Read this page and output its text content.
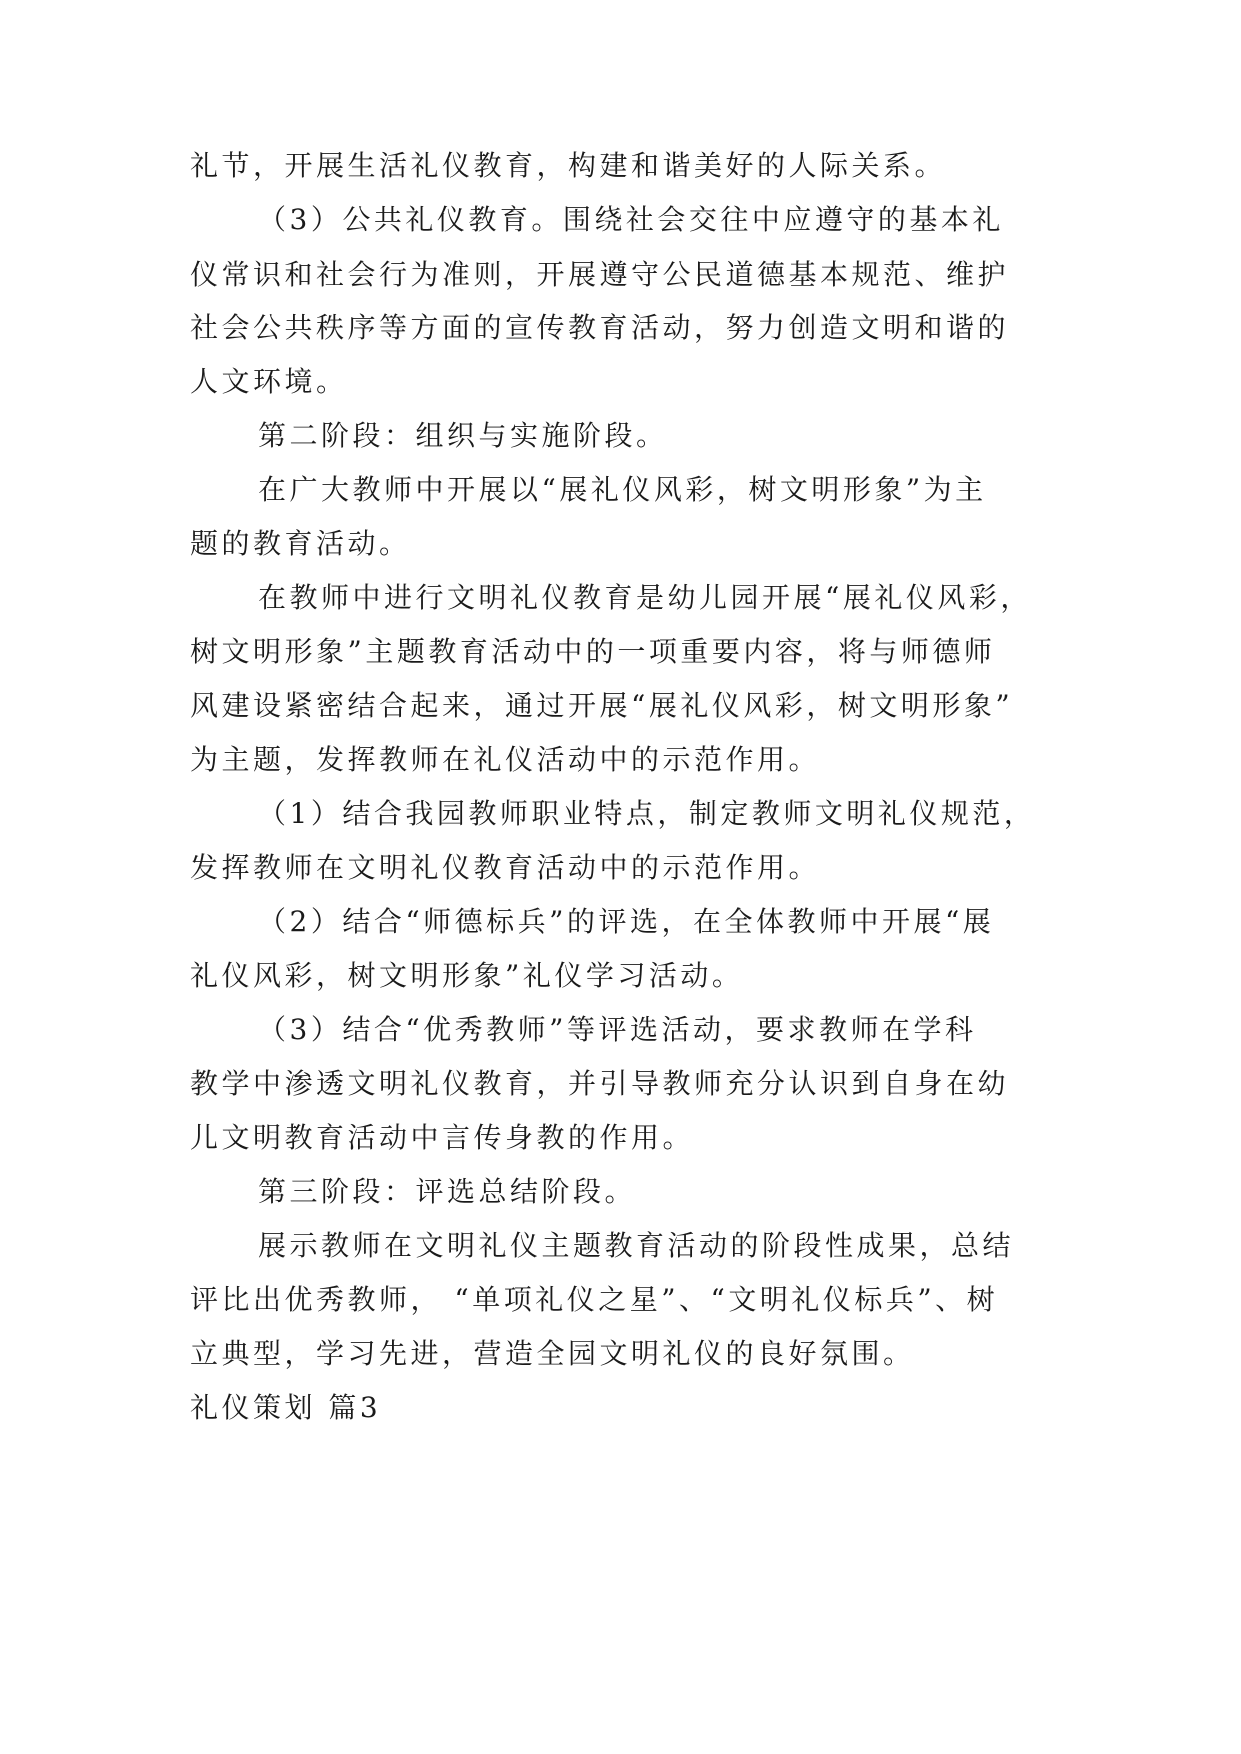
礼节，开展生活礼仪教育，构建和谐美好的人际关系。
（3）公共礼仪教育。围绕社会交往中应遵守的基本礼
仪常识和社会行为准则，开展遵守公民道德基本规范、维护
社会公共秩序等方面的宣传教育活动，努力创造文明和谐的
人文环境。
第二阶段：组织与实施阶段。
在广大教师中开展以“展礼仪风彩，树文明形象”为主
题的教育活动。
在教师中进行文明礼仪教育是幼儿园开展“展礼仪风彩，
树文明形象”主题教育活动中的一项重要内容，将与师德师
风建设紧密结合起来，通过开展“展礼仪风彩，树文明形象”
为主题，发挥教师在礼仪活动中的示范作用。
（1）结合我园教师职业特点，制定教师文明礼仪规范，
发挥教师在文明礼仪教育活动中的示范作用。
（2）结合“师德标兵”的评选，在全体教师中开展“展
礼仪风彩，树文明形象”礼仪学习活动。
（3）结合“优秀教师”等评选活动，要求教师在学科
教学中渗透文明礼仪教育，并引导教师充分认识到自身在幼
儿文明教育活动中言传身教的作用。
第三阶段：评选总结阶段。
展示教师在文明礼仪主题教育活动的阶段性成果，总结
评比出优秀教师， “单项礼仪之星”、“文明礼仪标兵”、树
立典型，学习先进，营造全园文明礼仪的良好氛围。
礼仪策划 篇3
